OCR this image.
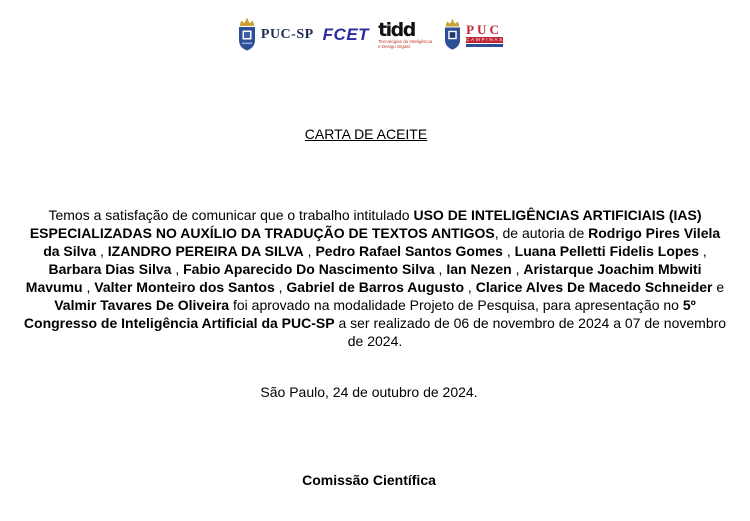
PUC-SP FCET tidd
Tecnologias da Inteligência
e Design Digital
PUC
CAMPINAS
CARTA DE ACEITE

Temos a satisfação de comunicar que o trabalho intitulado USO DE INTELIGÊNCIAS ARTIFICIAIS (IAS) ESPECIALIZADAS NO AUXÍLIO DA TRADUÇÃO DE TEXTOS ANTIGOS, de autoria de Rodrigo Pires Vilela da Silva , IZANDRO PEREIRA DA SILVA , Pedro Rafael Santos Gomes , Luana Pelletti Fidelis Lopes , Barbara Dias Silva , Fabio Aparecido Do Nascimento Silva , Ian Nezen , Aristarque Joachim Mbwiti Mavumu , Valter Monteiro dos Santos , Gabriel de Barros Augusto , Clarice Alves De Macedo Schneider e Valmir Tavares De Oliveira foi aprovado na modalidade Projeto de Pesquisa, para apresentação no 5º Congresso de Inteligência Artificial da PUC-SP a ser realizado de 06 de novembro de 2024 a 07 de novembro de 2024.

São Paulo, 24 de outubro de 2024.

Comissão Científica
